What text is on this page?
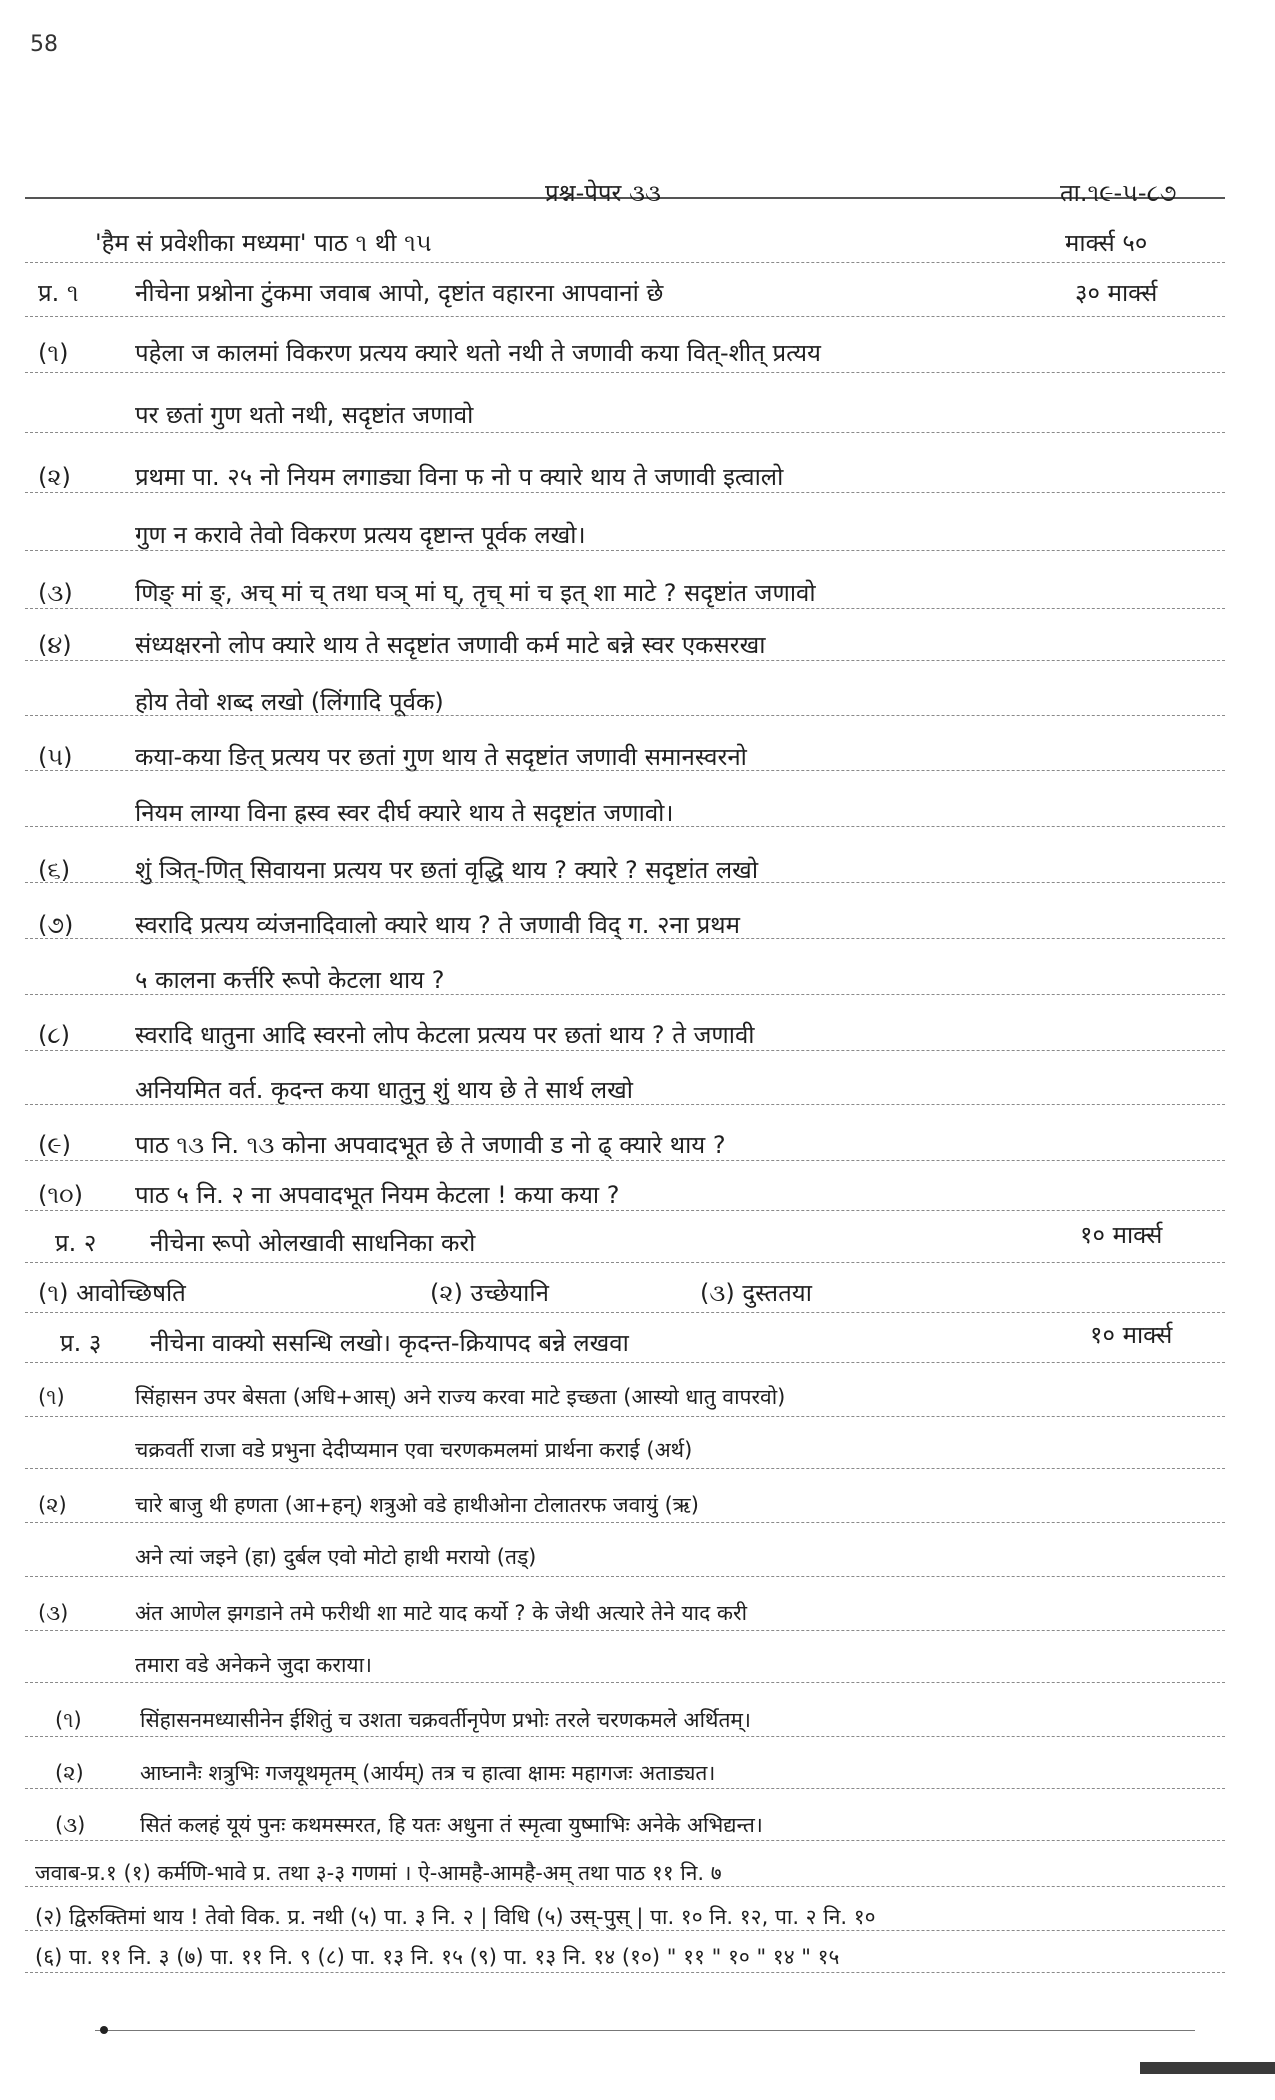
58
प्रश्न-पेपर ૩૩	ता.૧૯-૫-૮૭
'हैम सं प्रवेशीका मध्यमा' पाठ ૧ थी ૧૫	मार्क्स ५०
प्र. ૧ नीचेना प्रश्नोना टुंकमा जवाब आपो, दृष्टांत वहारना आपवानां छे	३० मार्क्स
(૧)	पहेला ज कालमां विकरण प्रत्यय क्यारे थतो नथी ते जणावी कया वित्-शीत् प्रत्यय
पर छतां गुण थतो नथी, सदृष्टांत जणावो
(૨)	प्रथमा पा. २५ नो नियम लगाड्या विना फ नो प क्यारे थाय ते जणावी इत्वालो
गुण न करावे तेवो विकरण प्रत्यय दृष्टान्त पूर्वक लखो।
(૩)	णिङ् मां ङ्, अच् मां च् तथा घञ् मां घ्, तृच् मां च इत् शा माटे ? सदृष्टांत जणावो
(૪)	संध्यक्षरनो लोप क्यारे थाय ते सदृष्टांत जणावी कर्म माटे बन्ने स्वर एकसरखा
होय तेवो शब्द लखो (लिंगादि पूर्वक)
(૫)	कया-कया ङित् प्रत्यय पर छतां गुण थाय ते सदृष्टांत जणावी समानस्वरनो
नियम लाग्या विना ह्रस्व स्वर दीर्घ क्यारे थाय ते सदृष्टांत जणावो।
(૬)	शुं ञित्-णित् सिवायना प्रत्यय पर छतां वृद्धि थाय ? क्यारे ? सदृष्टांत लखो
(૭)	स्वरादि प्रत्यय व्यंजनादिवालो क्यारे थाय ? ते जणावी विद् ग. २ना प्रथम
५ कालना कर्त्तरि रूपो केटला थाय ?
(૮)	स्वरादि धातुना आदि स्वरनो लोप केटला प्रत्यय पर छतां थाय ? ते जणावी
अनियमित वर्त. कृदन्त कया धातुनु शुं थाय छे ते सार्थ लखो
(૯)	पाठ ૧૩ नि. ૧૩ कोना अपवादभूत छे ते जणावी ड नो ढ् क्यारे थाय ?
(૧૦) पाठ ५ नि. २ ना अपवादभूत नियम केटला ! कया कया ?
प्र. २ नीचेना रूपो ओलखावी साधनिका करो	१० मार्क्स
(૧) आवोच्छिषति	(૨) उच्छेयानि	(૩) दुस्ततया
प्र. ३ नीचेना वाक्यो ससन्धि लखो। कृदन्त-क्रियापद बन्ने लखवा	१० मार्क्स
(૧)	सिंहासन उपर बेसता (अधि+आस्) अने राज्य करवा माटे इच्छता (आस्यो धातु वापरवो)
चक्रवर्ती राजा वडे प्रभुना देदीप्यमान एवा चरणकमलमां प्रार्थना कराई (अर्थ)
(૨)	चारे बाजु थी हणता (आ+हन्) शत्रुओ वडे हाथीओना टोलातरफ जवायुं (ऋ)
अने त्यां जइने (हा) दुर्बल एवो मोटो हाथी मरायो (तड्)
(૩)	अंत आणेल झगडाने तमे फरीथी शा माटे याद कर्यो ? के जेथी अत्यारे तेने याद करी
तमारा वडे अनेकने जुदा कराया।
(૧)	सिंहासनमध्यासीनेन ईशितुं च उशता चक्रवर्तीनृपेण प्रभोः तरले चरणकमले अर्थितम्।
(૨)	आघ्नानैः शत्रुभिः गजयूथमृतम् (आर्यम्) तत्र च हात्वा क्षामः महागजः अताड्यत।
(૩)	सितं कलहं यूयं पुनः कथमस्मरत, हि यतः अधुना तं स्मृत्वा युष्माभिः अनेके अभिद्यन्त।
जवाब-प्र.१ (१) कर्मणि-भावे प्र. तथा ३-३ गणमां । ऐ-आमहै-आमहै-अम् तथा पाठ ११ नि. ७
(२) द्विरुक्तिमां थाय ! तेवो विक. प्र. नथी (५) पा. ३ नि. २ | विधि (५) उस्-पुस् | पा. १० नि. १२, पा. २ नि. १०
(६) पा. ११ नि. ३ (७) पा. ११ नि. ९ (८) पा. १३ नि. १५ (९) पा. १३ नि. १४ (१०) " ११ " १० " १४ " १५
